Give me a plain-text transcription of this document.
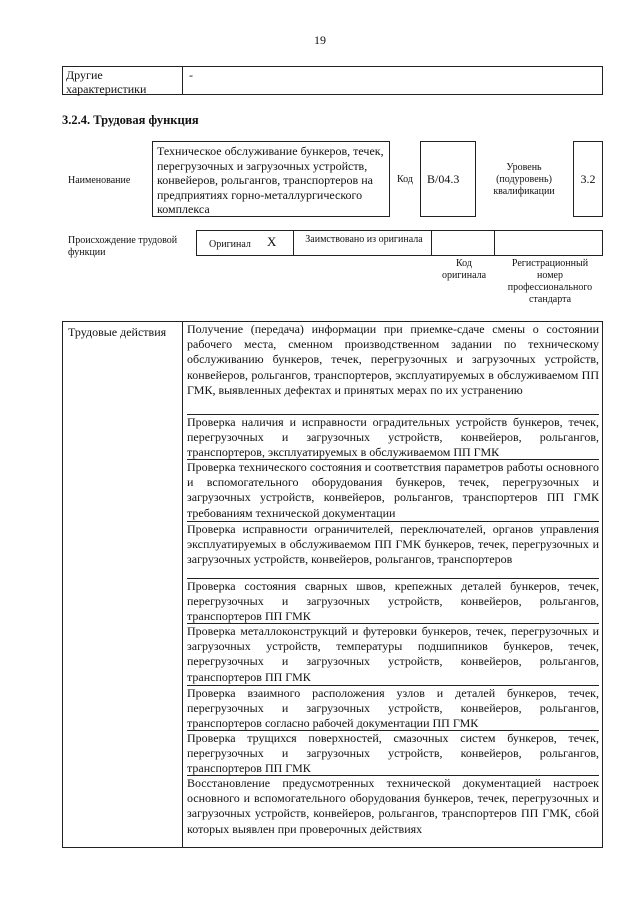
19
Другие характеристики
-
3.2.4. Трудовая функция
Наименование
Техническое обслуживание бункеров, течек, перегрузочных и загрузочных устройств, конвейеров, рольгангов, транспортеров на предприятиях горно-металлургического комплекса
Код В/04.3
Уровень (подуровень) квалификации
3.2
Происхождение трудовой функции
Оригинал X	Заимствовано из оригинала
Код оригинала
Регистрационный номер профессионального стандарта
Трудовые действия Получение (передача) информации при приемке-сдаче смены о состоянии рабочего места, сменном производственном задании по техническому обслуживанию бункеров, течек, перегрузочных и загрузочных устройств, конвейеров, рольгангов, транспортеров, эксплуатируемых в обслуживаемом ПП ГМК, выявленных дефектах и принятых мерах по их устранению
Проверка наличия и исправности оградительных устройств бункеров, течек, перегрузочных и загрузочных устройств, конвейеров, рольгангов, транспортеров, эксплуатируемых в обслуживаемом ПП ГМК
Проверка технического состояния и соответствия параметров работы основного и вспомогательного оборудования бункеров, течек, перегрузочных и загрузочных устройств, конвейеров, рольгангов, транспортеров ПП ГМК требованиям технической документации
Проверка исправности ограничителей, переключателей, органов управления эксплуатируемых в обслуживаемом ПП ГМК бункеров, течек, перегрузочных и загрузочных устройств, конвейеров, рольгангов, транспортеров
Проверка состояния сварных швов, крепежных деталей бункеров, течек, перегрузочных и загрузочных устройств, конвейеров, рольгангов, транспортеров ПП ГМК
Проверка металлоконструкций и футеровки бункеров, течек, перегрузочных и загрузочных устройств, температуры подшипников бункеров, течек, перегрузочных и загрузочных устройств, конвейеров, рольгангов, транспортеров ПП ГМК
Проверка взаимного расположения узлов и деталей бункеров, течек, перегрузочных и загрузочных устройств, конвейеров, рольгангов, транспортеров согласно рабочей документации ПП ГМК
Проверка трущихся поверхностей, смазочных систем бункеров, течек, перегрузочных и загрузочных устройств, конвейеров, рольгангов, транспортеров ПП ГМК
Восстановление предусмотренных технической документацией настроек основного и вспомогательного оборудования бункеров, течек, перегрузочных и загрузочных устройств, конвейеров, рольгангов, транспортеров ПП ГМК, сбой которых выявлен при проверочных действиях
